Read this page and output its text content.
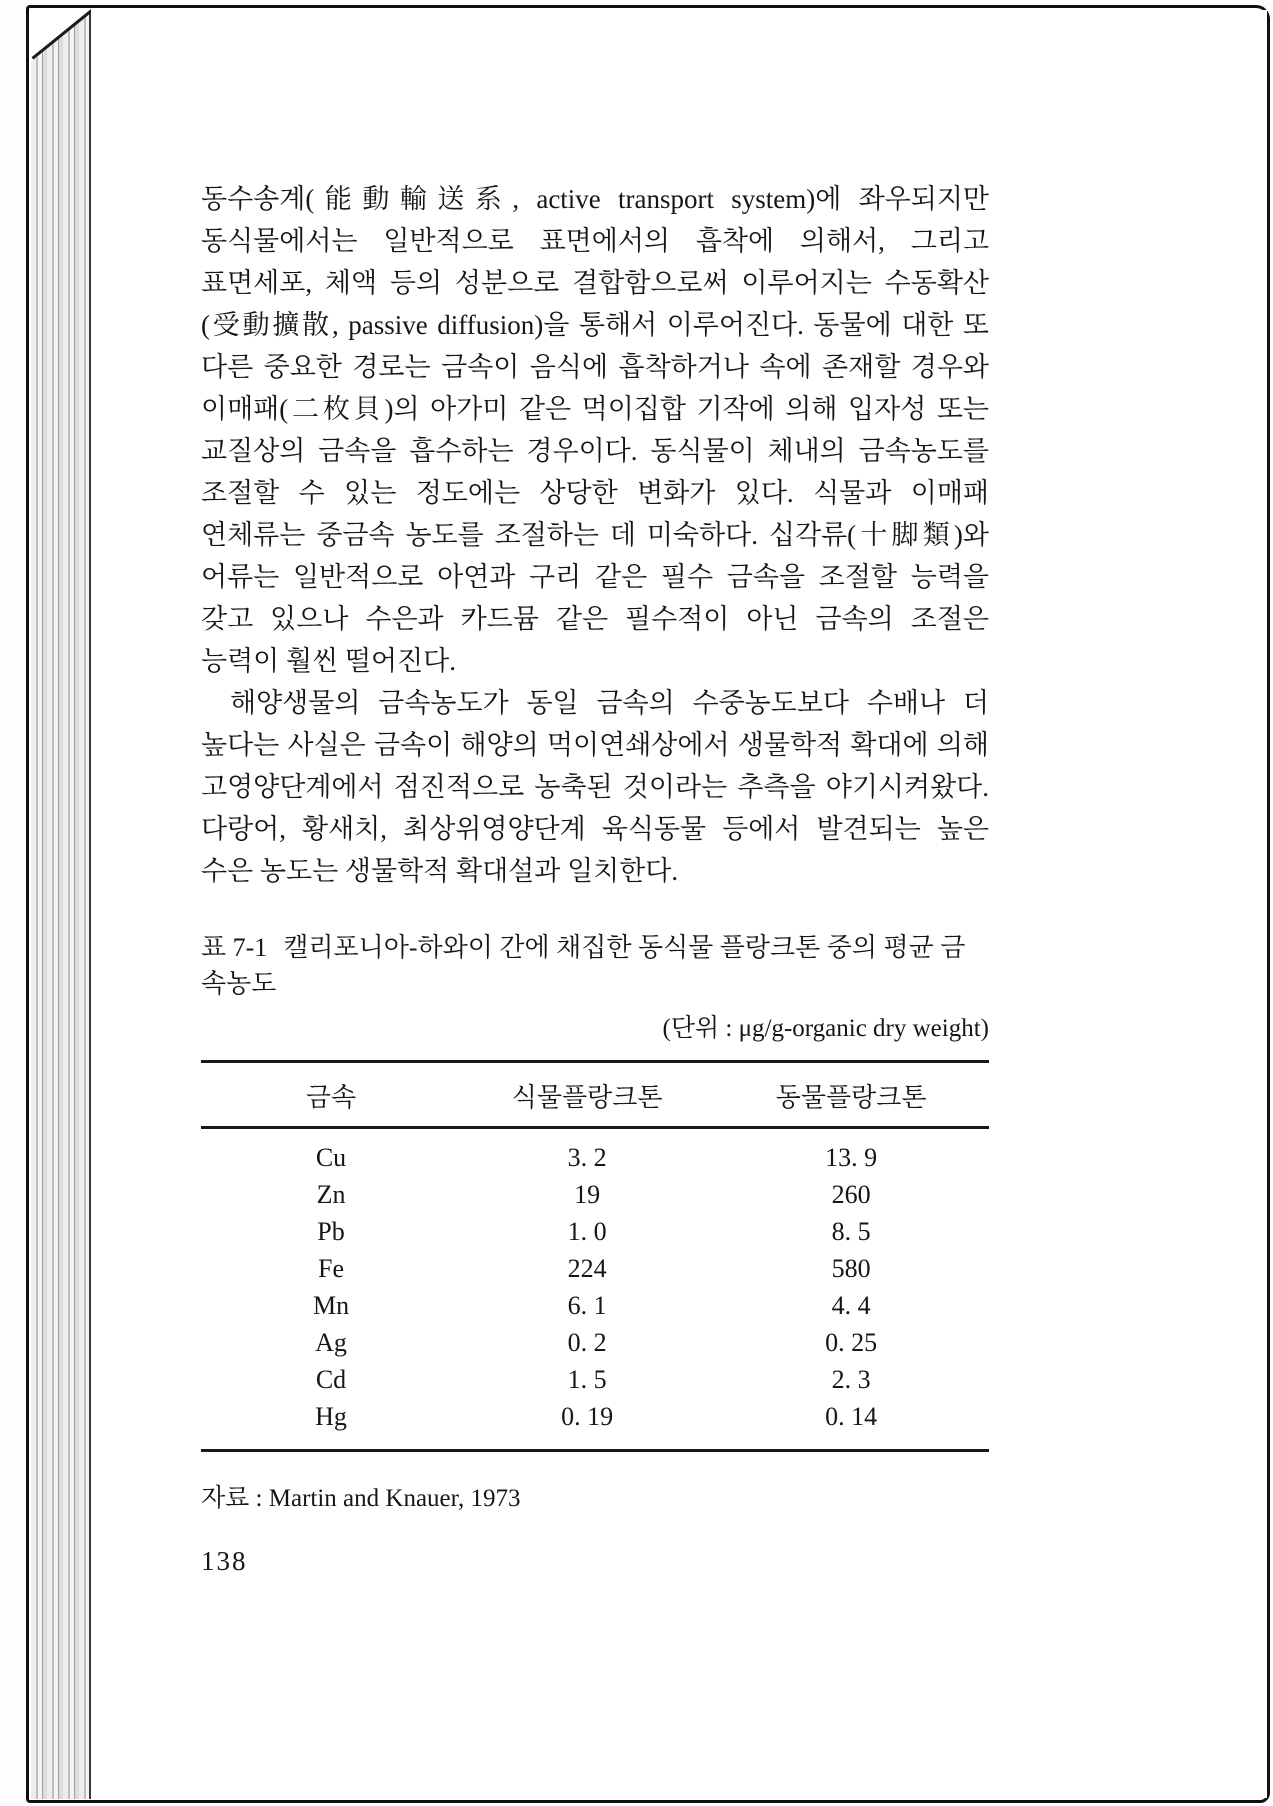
동수송계(能動輸送系, active transport system)에 좌우되지만 동식물에서는 일반적으로 표면에서의 흡착에 의해서, 그리고 표면세포, 체액 등의 성분으로 결합함으로써 이루어지는 수동확산(受動擴散, passive diffusion)을 통해서 이루어진다. 동물에 대한 또 다른 중요한 경로는 금속이 음식에 흡착하거나 속에 존재할 경우와 이매패(二枚貝)의 아가미 같은 먹이집합 기작에 의해 입자성 또는 교질상의 금속을 흡수하는 경우이다. 동식물이 체내의 금속농도를 조절할 수 있는 정도에는 상당한 변화가 있다. 식물과 이매패 연체류는 중금속 농도를 조절하는 데 미숙하다. 십각류(十脚類)와 어류는 일반적으로 아연과 구리 같은 필수 금속을 조절할 능력을 갖고 있으나 수은과 카드뮴 같은 필수적이 아닌 금속의 조절은 능력이 훨씬 떨어진다.

해양생물의 금속농도가 동일 금속의 수중농도보다 수배나 더 높다는 사실은 금속이 해양의 먹이연쇄상에서 생물학적 확대에 의해 고영양단계에서 점진적으로 농축된 것이라는 추측을 야기시켜왔다. 다랑어, 황새치, 최상위영양단계 육식동물 등에서 발견되는 높은 수은 농도는 생물학적 확대설과 일치한다.

표 7-1 캘리포니아-하와이 간에 채집한 동식물 플랑크톤 중의 평균 금속농도
(단위 : μg/g-organic dry weight)
금속	식물플랑크톤	동물플랑크톤
Cu	3. 2	13. 9
Zn	19	260
Pb	1. 0	8. 5
Fe	224	580
Mn	6. 1	4. 4
Ag	0. 2	0. 25
Cd	1. 5	2. 3
Hg	0. 19	0. 14
자료 : Martin and Knauer, 1973
138
